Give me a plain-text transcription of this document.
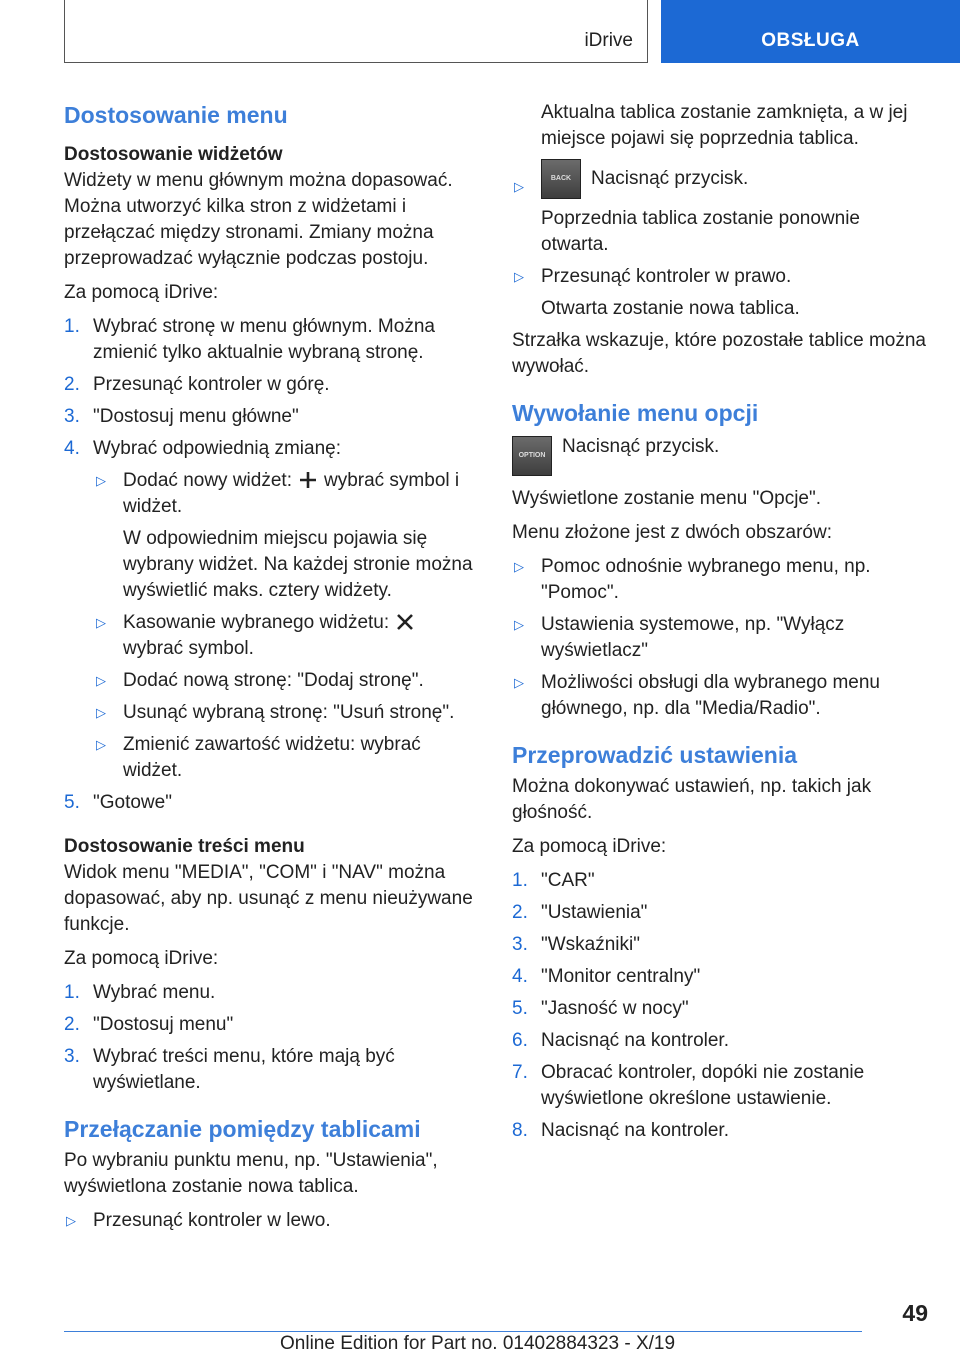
iDrive	OBSŁUGA
Dostosowanie menu
Dostosowanie widżetów
Widżety w menu głównym można dopasować. Można utworzyć kilka stron z widżetami i przełączać między stronami. Zmiany można przeprowadzać wyłącznie podczas postoju.
Za pomocą iDrive:
1. Wybrać stronę w menu głównym. Można zmienić tylko aktualnie wybraną stronę.
2. Przesunąć kontroler w górę.
3. "Dostosuj menu główne"
4. Wybrać odpowiednią zmianę:
▷ Dodać nowy widżet: wybrać symbol i widżet.
W odpowiednim miejscu pojawia się wybrany widżet. Na każdej stronie można wyświetlić maks. cztery widżety.
▷ Kasowanie wybranego widżetu:wybrać symbol.
▷ Dodać nową stronę: "Dodaj stronę".
▷ Usunąć wybraną stronę: "Usuń stronę".
▷ Zmienić zawartość widżetu: wybrać widżet.
5. "Gotowe"
Dostosowanie treści menu
Widok menu "MEDIA", "COM" i "NAV" można dopasować, aby np. usunąć z menu nieużywane funkcje.
Za pomocą iDrive:
1. Wybrać menu.
2. "Dostosuj menu"
3. Wybrać treści menu, które mają być wyświetlane.
Przełączanie pomiędzy tablicami
Po wybraniu punktu menu, np. "Ustawienia", wyświetlona zostanie nowa tablica.
▷ Przesunąć kontroler w lewo.
Aktualna tablica zostanie zamknięta, a w jej miejsce pojawi się poprzednia tablica.
▷
BACK Nacisnąć przycisk.
Poprzednia tablica zostanie ponownie otwarta.
▷ Przesunąć kontroler w prawo.
Otwarta zostanie nowa tablica.
Strzałka wskazuje, które pozostałe tablice można wywołać.
Wywołanie menu opcji
OPTION Nacisnąć przycisk.
Wyświetlone zostanie menu "Opcje".
Menu złożone jest z dwóch obszarów:
▷ Pomoc odnośnie wybranego menu, np. "Pomoc".
▷ Ustawienia systemowe, np. "Wyłącz wyświetlacz"
▷ Możliwości obsługi dla wybranego menu głównego, np. dla "Media/Radio".
Przeprowadzić ustawienia
Można dokonywać ustawień, np. takich jak głośność.
Za pomocą iDrive:
1. "CAR"
2. "Ustawienia"
3. "Wskaźniki"
4. "Monitor centralny"
5. "Jasność w nocy"
6. Nacisnąć na kontroler.
7. Obracać kontroler, dopóki nie zostanie wyświetlone określone ustawienie.
8. Nacisnąć na kontroler.
49
Online Edition for Part no. 01402884323 - X/19
